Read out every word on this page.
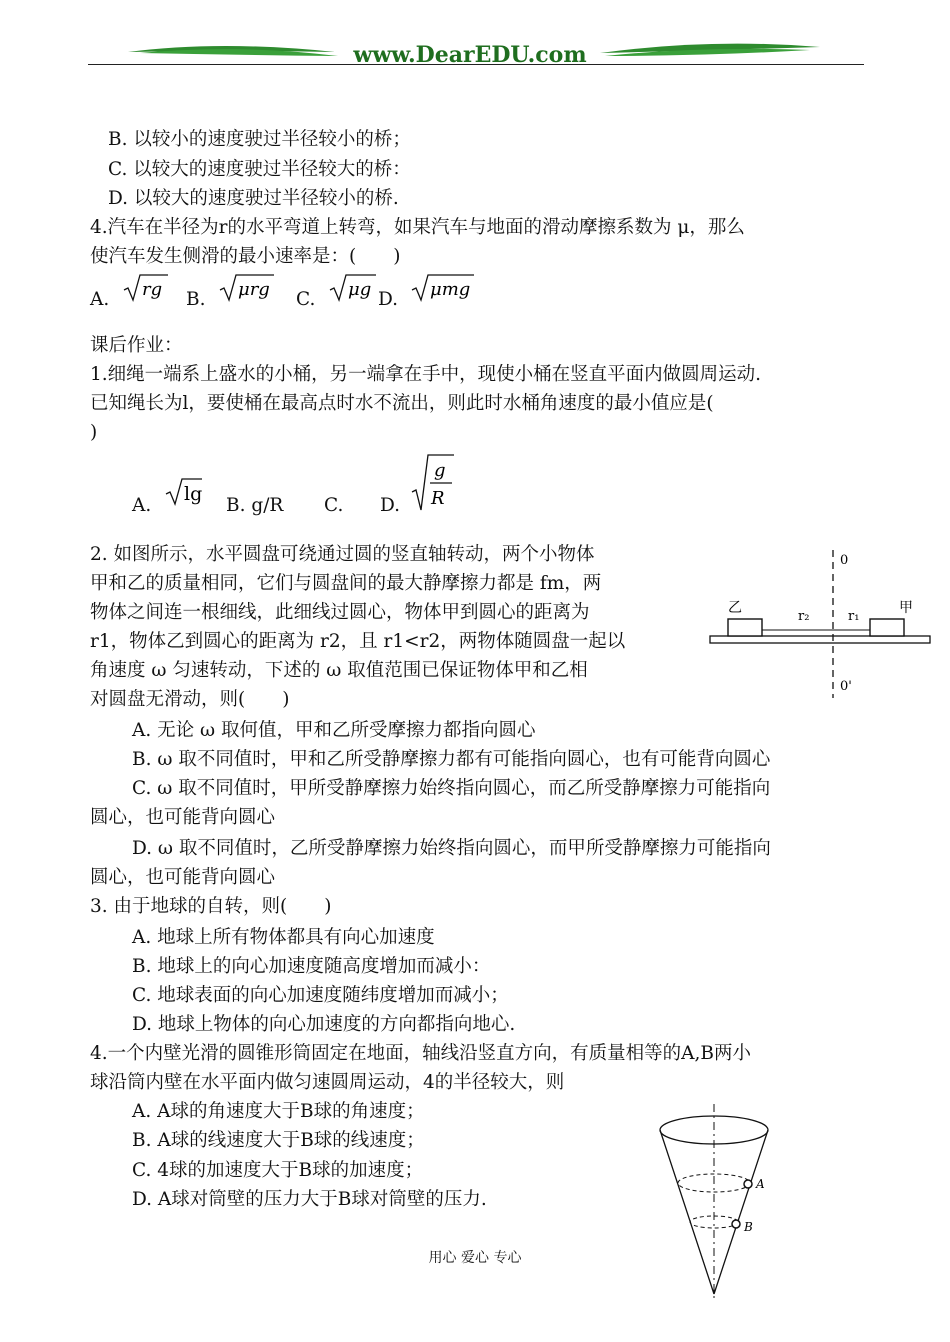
www.DearEDU.com
B. 以较小的速度驶过半径较小的桥；
C. 以较大的速度驶过半径较大的桥：
D. 以较大的速度驶过半径较小的桥.
4.汽车在半径为r的水平弯道上转弯，如果汽车与地面的滑动摩擦系数为 μ，那么
使汽车发生侧滑的最小速率是：(　　)
A. rg B. μrg C. μg D. μmg
课后作业：
1.细绳一端系上盛水的小桶，另一端拿在手中，现使小桶在竖直平面内做圆周运动.
已知绳长为l，要使桶在最高点时水不流出，则此时水桶角速度的最小值应是(
)
A.
lg
B. g/R C. D.
g
R
2. 如图所示，水平圆盘可绕通过圆的竖直轴转动，两个小物体
甲和乙的质量相同，它们与圆盘间的最大静摩擦力都是 fm，两
物体之间连一根细线，此细线过圆心，物体甲到圆心的距离为
r1，物体乙到圆心的距离为 r2，且 r1<r2，两物体随圆盘一起以
角速度 ω 匀速转动，下述的 ω 取值范围已保证物体甲和乙相
对圆盘无滑动，则(　　)
0
0'
乙	甲
r₂	r₁
A. 无论 ω 取何值，甲和乙所受摩擦力都指向圆心
B. ω 取不同值时，甲和乙所受静摩擦力都有可能指向圆心，也有可能背向圆心
C. ω 取不同值时，甲所受静摩擦力始终指向圆心，而乙所受静摩擦力可能指向
圆心，也可能背向圆心
D. ω 取不同值时，乙所受静摩擦力始终指向圆心，而甲所受静摩擦力可能指向
圆心，也可能背向圆心
3. 由于地球的自转，则(　　)
A. 地球上所有物体都具有向心加速度
B. 地球上的向心加速度随高度增加而减小：
C. 地球表面的向心加速度随纬度增加而减小；
D. 地球上物体的向心加速度的方向都指向地心.
4.一个内壁光滑的圆锥形筒固定在地面，轴线沿竖直方向，有质量相等的A,B两小
球沿筒内壁在水平面内做匀速圆周运动，4的半径较大，则
A. A球的角速度大于B球的角速度；
B. A球的线速度大于B球的线速度；
C. 4球的加速度大于B球的加速度；
D. A球对筒壁的压力大于B球对筒壁的压力.
A
B
用心 爱心 专心
